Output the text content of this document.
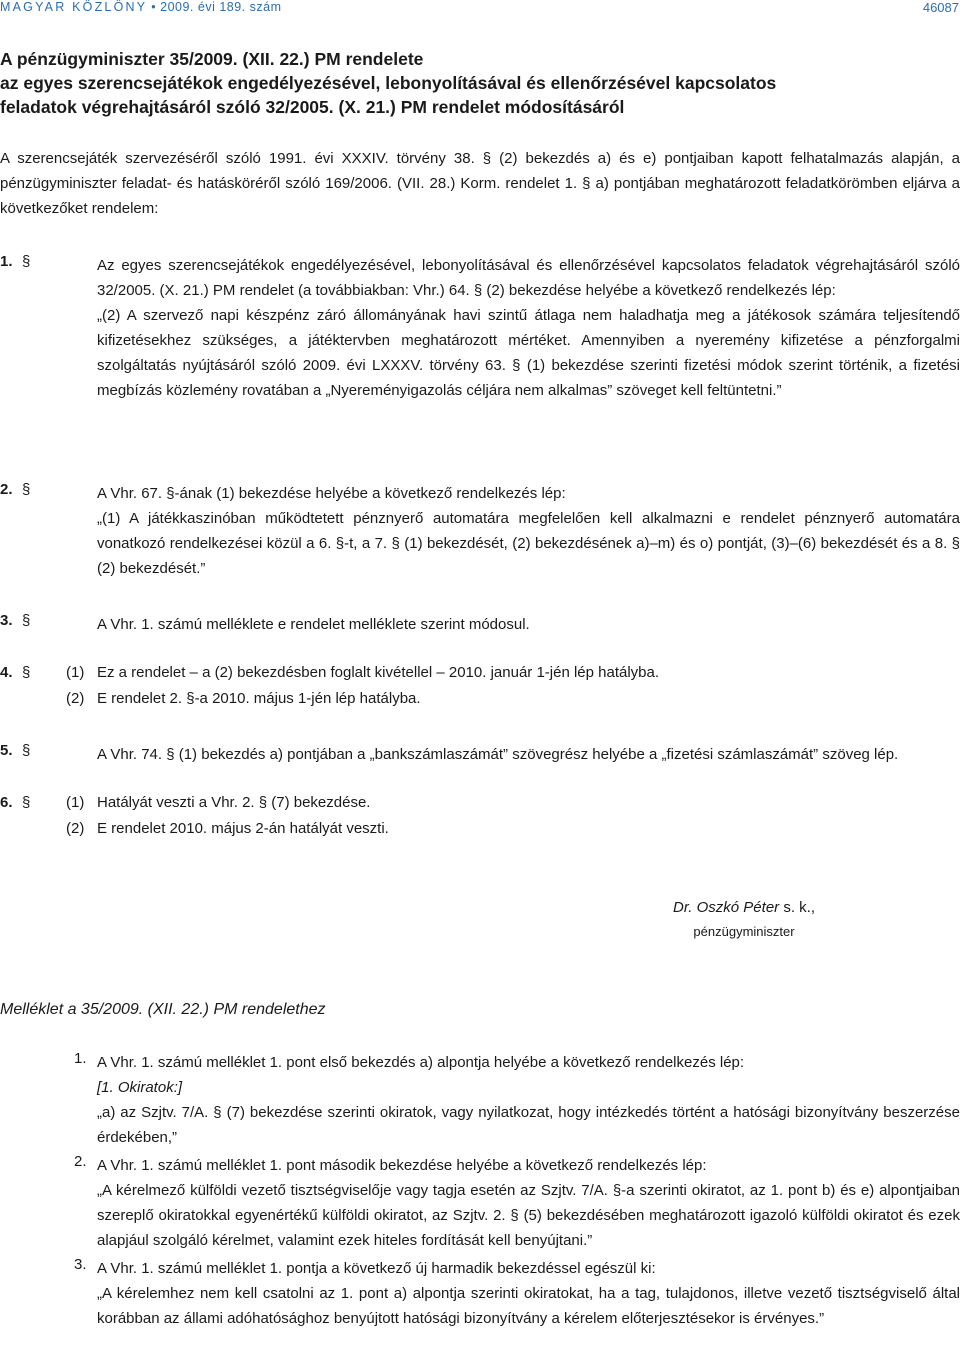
MAGYAR KÖZLÖNY • 2009. évi 189. szám	46087
A pénzügyminiszter 35/2009. (XII. 22.) PM rendelete
az egyes szerencsejátékok engedélyezésével, lebonyolításával és ellenőrzésével kapcsolatos
feladatok végrehajtásáról szóló 32/2005. (X. 21.) PM rendelet módosításáról

A szerencsejáték szervezéséről szóló 1991. évi XXXIV. törvény 38. § (2) bekezdés a) és e) pontjaiban kapott felhatalmazás alapján, a pénzügyminiszter feladat- és hatásköréről szóló 169/2006. (VII. 28.) Korm. rendelet 1. § a) pontjában meghatározott feladatkörömben eljárva a következőket rendelem:

1. §	Az egyes szerencsejátékok engedélyezésével, lebonyolításával és ellenőrzésével kapcsolatos feladatok végrehajtásáról szóló 32/2005. (X. 21.) PM rendelet (a továbbiakban: Vhr.) 64. § (2) bekezdése helyébe a következő rendelkezés lép:

„(2) A szervező napi készpénz záró állományának havi szintű átlaga nem haladhatja meg a játékosok számára teljesítendő kifizetésekhez szükséges, a játéktervben meghatározott mértéket. Amennyiben a nyeremény kifizetése a pénzforgalmi szolgáltatás nyújtásáról szóló 2009. évi LXXXV. törvény 63. § (1) bekezdése szerinti fizetési módok szerint történik, a fizetési megbízás közlemény rovatában a „Nyereményigazolás céljára nem alkalmas” szöveget kell feltüntetni.”

2. §	A Vhr. 67. §-ának (1) bekezdése helyébe a következő rendelkezés lép:

„(1) A játékkaszinóban működtetett pénznyerő automatára megfelelően kell alkalmazni e rendelet pénznyerő automatára vonatkozó rendelkezései közül a 6. §-t, a 7. § (1) bekezdését, (2) bekezdésének a)–m) és o) pontját, (3)–(6) bekezdését és a 8. § (2) bekezdését.”

3. §	A Vhr. 1. számú melléklete e rendelet melléklete szerint módosul.

4. § (1) Ez a rendelet – a (2) bekezdésben foglalt kivétellel – 2010. január 1-jén lép hatályba.
(2) E rendelet 2. §-a 2010. május 1-jén lép hatályba.
5. §	A Vhr. 74. § (1) bekezdés a) pontjában a „bankszámlaszámát” szövegrész helyébe a „fizetési számlaszámát” szöveg lép.

6. § (1) Hatályát veszti a Vhr. 2. § (7) bekezdése.
(2) E rendelet 2010. május 2-án hatályát veszti.
Dr. Oszkó Péter s. k.,
pénzügyminiszter
Melléklet a 35/2009. (XII. 22.) PM rendelethez
1. A Vhr. 1. számú melléklet 1. pont első bekezdés a) alpontja helyébe a következő rendelkezés lép:

[1. Okiratok:]

„a) az Szjtv. 7/A. § (7) bekezdése szerinti okiratok, vagy nyilatkozat, hogy intézkedés történt a hatósági bizonyítvány beszerzése érdekében,”

2. A Vhr. 1. számú melléklet 1. pont második bekezdése helyébe a következő rendelkezés lép:

„A kérelmező külföldi vezető tisztségviselője vagy tagja esetén az Szjtv. 7/A. §-a szerinti okiratot, az 1. pont b) és e) alpontjaiban szereplő okiratokkal egyenértékű külföldi okiratot, az Szjtv. 2. § (5) bekezdésében meghatározott igazoló külföldi okiratot és ezek alapjául szolgáló kérelmet, valamint ezek hiteles fordítását kell benyújtani.”

3. A Vhr. 1. számú melléklet 1. pontja a következő új harmadik bekezdéssel egészül ki:

„A kérelemhez nem kell csatolni az 1. pont a) alpontja szerinti okiratokat, ha a tag, tulajdonos, illetve vezető tisztségviselő által korábban az állami adóhatósághoz benyújtott hatósági bizonyítvány a kérelem előterjesztésekor is érvényes.”
